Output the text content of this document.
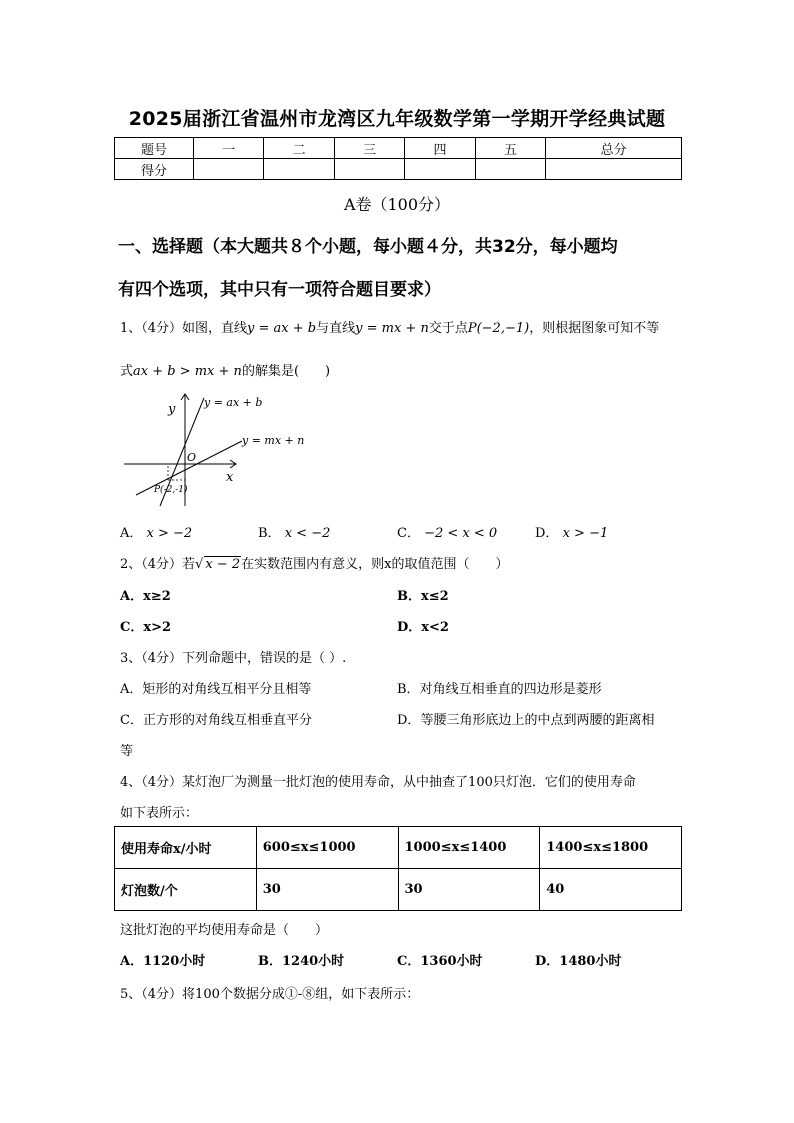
2025届浙江省温州市龙湾区九年级数学第一学期开学经典试题
题号	一	二	三	四	五	总分
得分						
A卷（100分）
一、选择题（本大题共８个小题，每小题４分，共32分，每小题均
有四个选项，其中只有一项符合题目要求）
1、（4分）如图，直线y = ax + b与直线y = mx + n交于点P(−2,−1)，则根据图象可知不等
式ax + b > mx + n的解集是(　　)
y
x
O
y = ax + b
y = mx + n
P(-2,-1)
A． x > −2	B． x < −2	C． −2 < x < 0	D． x > −1
2、（4分）若√ x − 2在实数范围内有意义，则x的取值范围（　　）
A．x≥2	B．x≤2
C．x>2	D．x<2
3、（4分）下列命题中，错误的是（ ）.
A．矩形的对角线互相平分且相等	B．对角线互相垂直的四边形是菱形
C．正方形的对角线互相垂直平分	D．等腰三角形底边上的中点到两腰的距离相
等
4、（4分）某灯泡厂为测量一批灯泡的使用寿命，从中抽查了100只灯泡．它们的使用寿命
如下表所示：
使用寿命x/小时	600≤x≤1000	1000≤x≤1400	1400≤x≤1800
灯泡数/个	30	30	40
这批灯泡的平均使用寿命是（　　）
A．1120小时	B．1240小时	C．1360小时	D．1480小时
5、（4分）将100个数据分成①-⑧组，如下表所示：
